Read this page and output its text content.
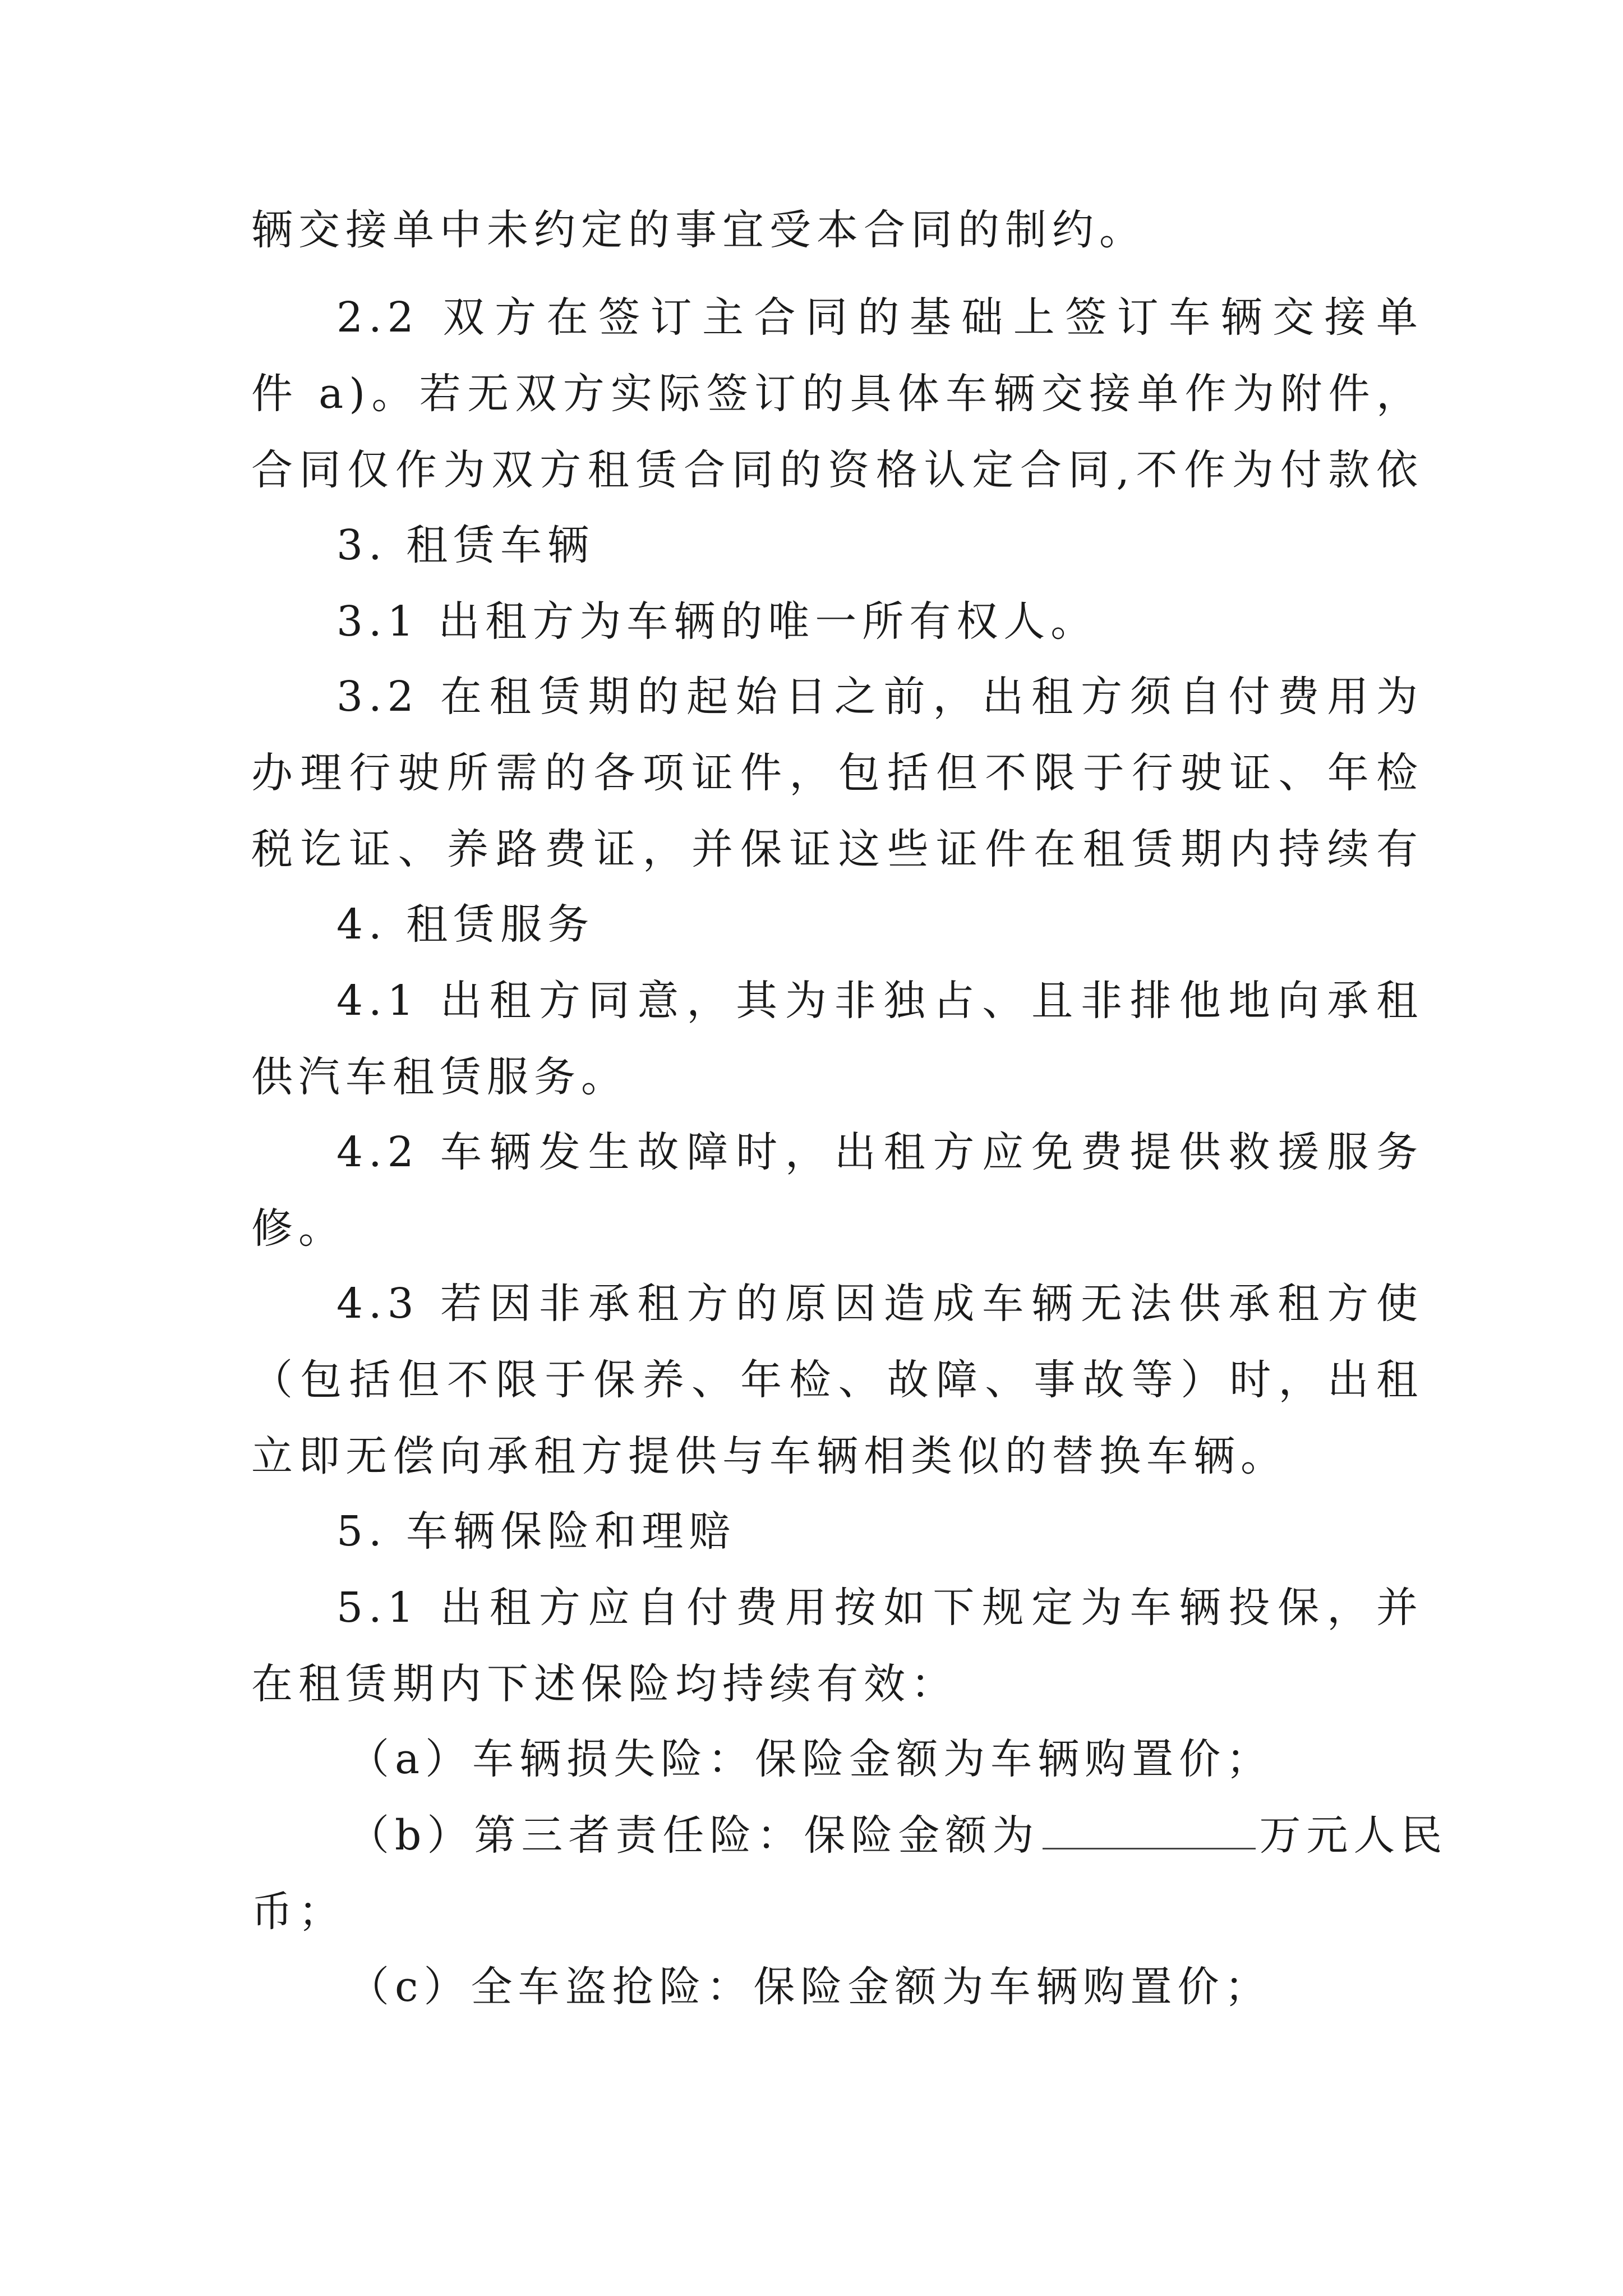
辆交接单中未约定的事宜受本合同的制约。
2.2 双方在签订主合同的基础上签订车辆交接单
件 a)。若无双方实际签订的具体车辆交接单作为附件，
合同仅作为双方租赁合同的资格认定合同,不作为付款依
3. 租赁车辆
3.1 出租方为车辆的唯一所有权人。
3.2 在租赁期的起始日之前，出租方须自付费用为
办理行驶所需的各项证件，包括但不限于行驶证、年检
税讫证、养路费证，并保证这些证件在租赁期内持续有
4. 租赁服务
4.1 出租方同意，其为非独占、且非排他地向承租
供汽车租赁服务。
4.2 车辆发生故障时，出租方应免费提供救援服务
修。
4.3 若因非承租方的原因造成车辆无法供承租方使
（包括但不限于保养、年检、故障、事故等）时，出租
立即无偿向承租方提供与车辆相类似的替换车辆。
5. 车辆保险和理赔
5.1 出租方应自付费用按如下规定为车辆投保，并
在租赁期内下述保险均持续有效：
（a）车辆损失险：保险金额为车辆购置价；
（b）第三者责任险：保险金额为	万元人民
币；
（c）全车盗抢险：保险金额为车辆购置价；
